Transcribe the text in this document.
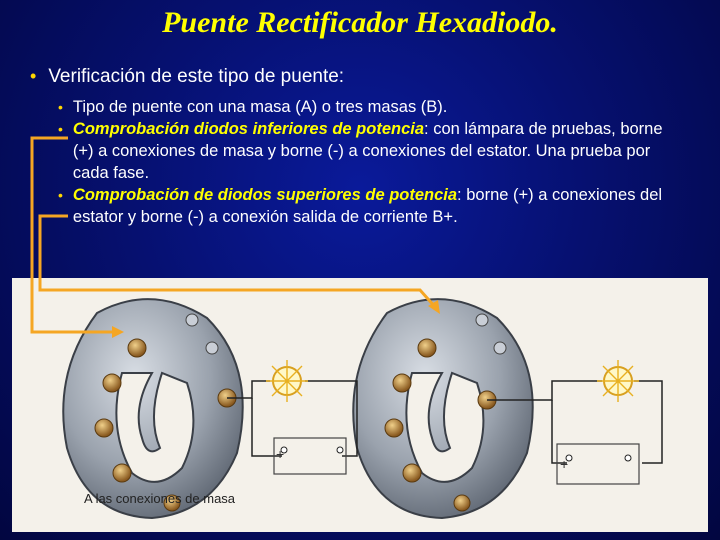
Puente Rectificador Hexadiodo.
• Verificación de este tipo de puente:
• Tipo de puente con una masa (A) o tres masas (B).
• Comprobación diodos inferiores de potencia: con lámpara de pruebas, borne (+) a conexiones de masa y borne (-) a conexiones del estator. Una prueba por cada fase.
• Comprobación de diodos superiores de potencia: borne (+) a conexiones del estator y borne (-) a conexión salida de corriente B+.
+
+
A las conexiones de masa
